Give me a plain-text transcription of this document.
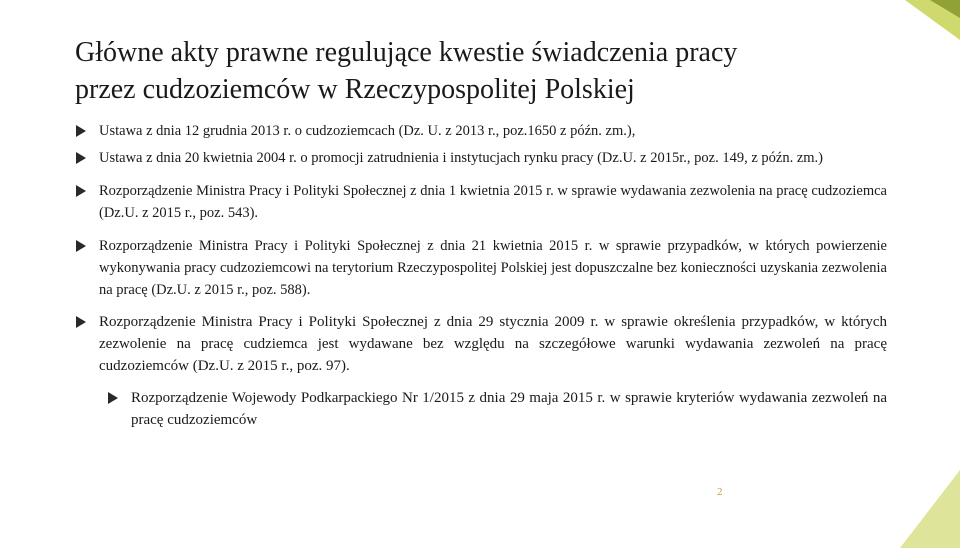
Główne akty prawne regulujące kwestie świadczenia pracy
przez cudzoziemców w Rzeczypospolitej Polskiej
Ustawa z dnia 12 grudnia 2013 r. o cudzoziemcach (Dz. U. z 2013 r., poz.1650 z późn. zm.),
Ustawa z dnia 20 kwietnia 2004 r. o promocji zatrudnienia i instytucjach rynku pracy (Dz.U. z 2015r., poz. 149, z późn. zm.)
Rozporządzenie Ministra Pracy i Polityki Społecznej z dnia 1 kwietnia 2015 r. w sprawie wydawania zezwolenia na pracę cudzoziemca (Dz.U. z 2015 r., poz. 543).
Rozporządzenie Ministra Pracy i Polityki Społecznej z dnia 21 kwietnia 2015 r. w sprawie przypadków, w których powierzenie wykonywania pracy cudzoziemcowi na terytorium Rzeczypospolitej Polskiej jest dopuszczalne bez konieczności uzyskania zezwolenia na pracę (Dz.U. z 2015 r., poz. 588).
Rozporządzenie Ministra Pracy i Polityki Społecznej z dnia 29 stycznia 2009 r. w sprawie określenia przypadków, w których zezwolenie na pracę cudziemca jest wydawane bez względu na szczegółowe warunki wydawania zezwoleń na pracę cudzoziemców (Dz.U. z 2015 r., poz. 97).
Rozporządzenie Wojewody Podkarpackiego Nr 1/2015 z dnia 29 maja 2015 r. w sprawie kryteriów wydawania zezwoleń na pracę cudzoziemców
2
